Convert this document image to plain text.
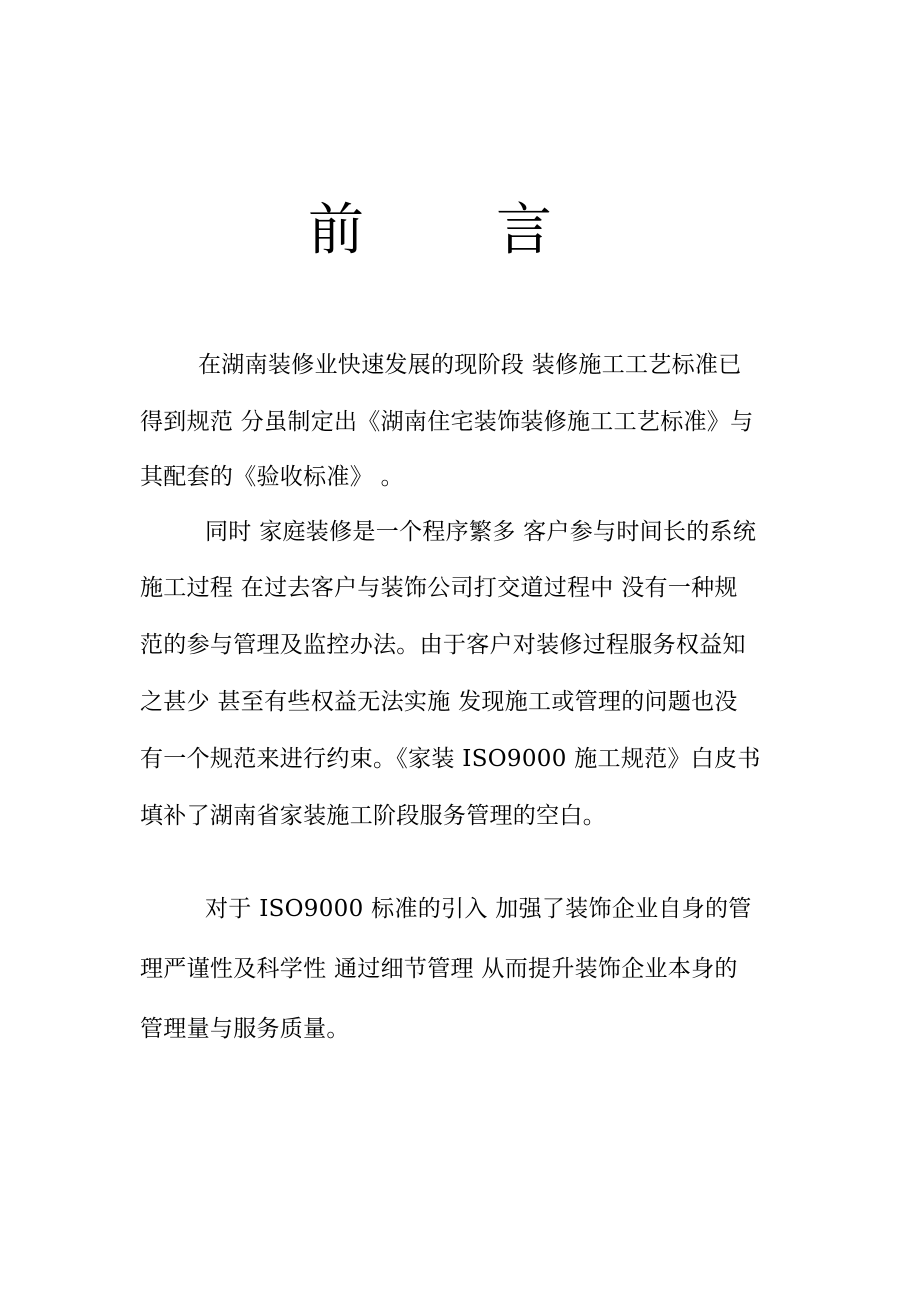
前 言
在湖南装修业快速发展的现阶段 装修施工工艺标准已
得到规范 分虽制定出《湖南住宅装饰装修施工工艺标准》与
其配套的《验收标准》 。
同时 家庭装修是一个程序繁多 客户参与时间长的系统
施工过程 在过去客户与装饰公司打交道过程中 没有一种规
范的参与管理及监控办法。由于客户对装修过程服务权益知
之甚少 甚至有些权益无法实施 发现施工或管理的问题也没
有一个规范来进行约束。《家装 ISO9000 施工规范》白皮书
填补了湖南省家装施工阶段服务管理的空白。
对于 ISO9000 标准的引入 加强了装饰企业自身的管
理严谨性及科学性 通过细节管理 从而提升装饰企业本身的
管理量与服务质量。
